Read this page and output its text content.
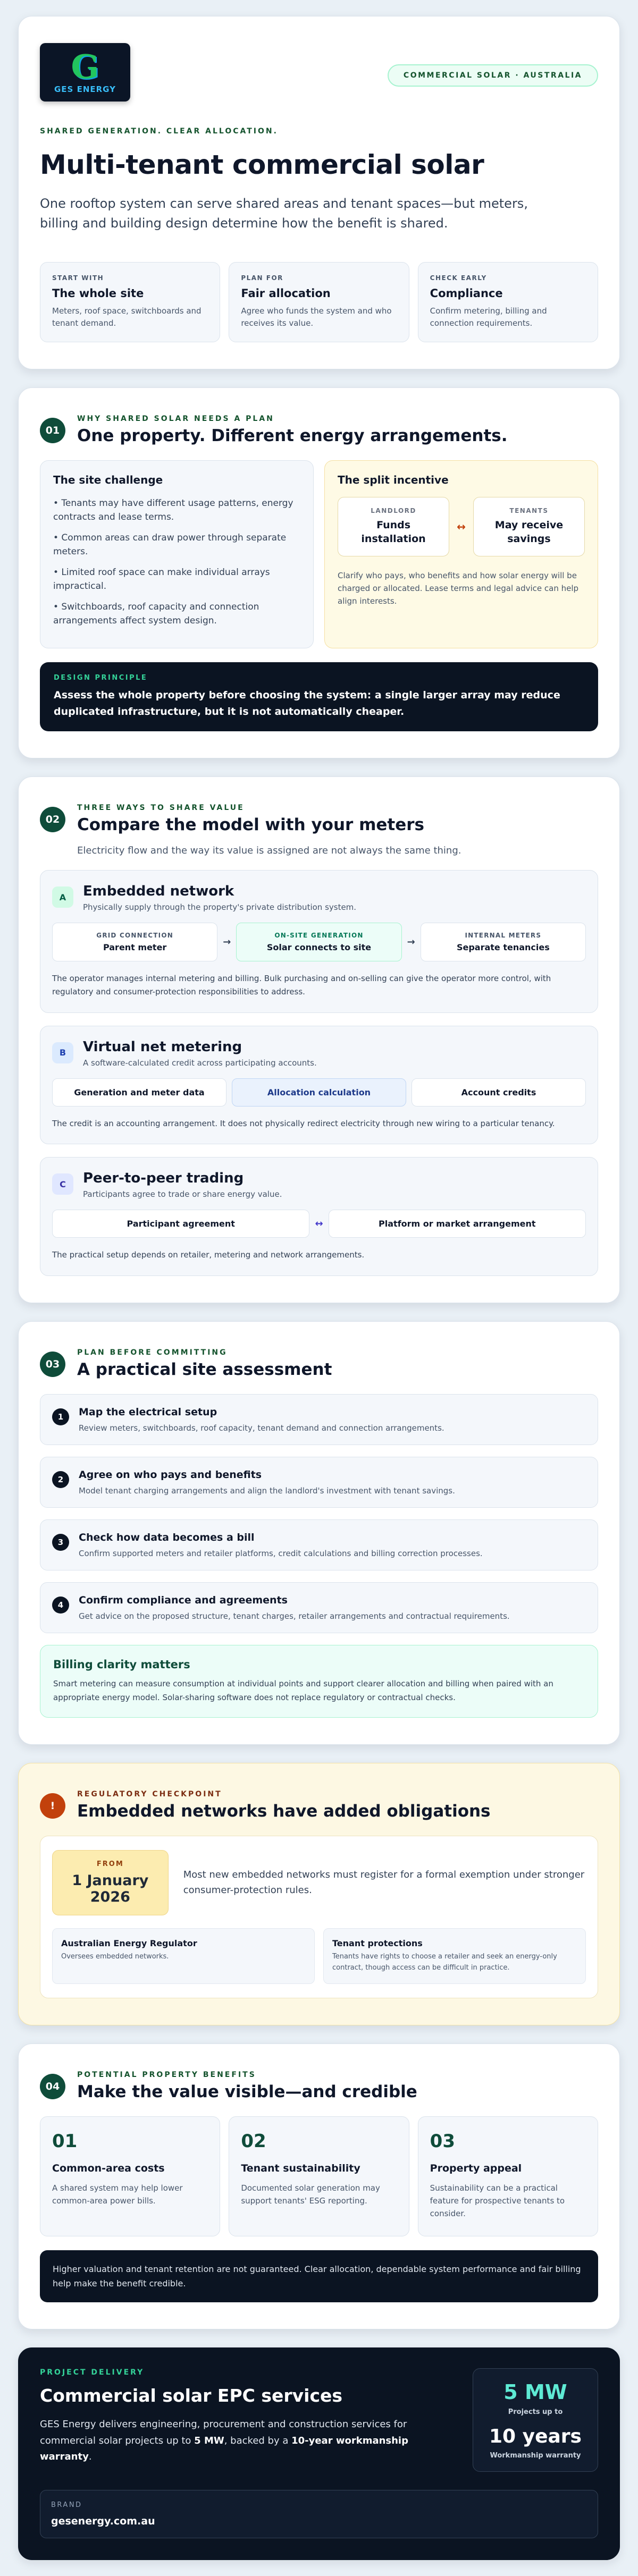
G
GES ENERGY
COMMERCIAL SOLAR · AUSTRALIA
SHARED GENERATION. CLEAR ALLOCATION.
Multi-tenant commercial solar

One rooftop system can serve shared areas and tenant spaces—but meters, billing and building design determine how the benefit is shared.

START WITH
The whole site
Meters, roof space, switchboards and tenant demand.
PLAN FOR
Fair allocation
Agree who funds the system and who receives its value.
CHECK EARLY
Compliance
Confirm metering, billing and connection requirements.
01
WHY SHARED SOLAR NEEDS A PLAN
One property. Different energy arrangements.
The site challenge
• Tenants may have different usage patterns, energy contracts and lease terms.
• Common areas can draw power through separate meters.
• Limited roof space can make individual arrays impractical.
• Switchboards, roof capacity and connection arrangements affect system design.
The split incentive
LANDLORD
Funds installation
↔
TENANTS
May receive savings
Clarify who pays, who benefits and how solar energy will be charged or allocated. Lease terms and legal advice can help align interests.
DESIGN PRINCIPLE
Assess the whole property before choosing the system: a single larger array may reduce duplicated infrastructure, but it is not automatically cheaper.
02
THREE WAYS TO SHARE VALUE
Compare the model with your meters
Electricity flow and the way its value is assigned are not always the same thing.
A	Embedded network
Physically supply through the property's private distribution system.
GRID CONNECTION
Parent meter	→
ON-SITE GENERATION
Solar connects to site	→
INTERNAL METERS
Separate tenancies
The operator manages internal metering and billing. Bulk purchasing and on-selling can give the operator more control, with regulatory and consumer-protection responsibilities to address.
B	Virtual net metering
A software-calculated credit across participating accounts.
Generation and meter data	Allocation calculation	Account credits
The credit is an accounting arrangement. It does not physically redirect electricity through new wiring to a particular tenancy.
C	Peer-to-peer trading
Participants agree to trade or share energy value.
Participant agreement	↔	Platform or market arrangement
The practical setup depends on retailer, metering and network arrangements.
03
PLAN BEFORE COMMITTING
A practical site assessment
1	Map the electrical setup
Review meters, switchboards, roof capacity, tenant demand and connection arrangements.
2	Agree on who pays and benefits
Model tenant charging arrangements and align the landlord's investment with tenant savings.
3	Check how data becomes a bill
Confirm supported meters and retailer platforms, credit calculations and billing correction processes.
4	Confirm compliance and agreements
Get advice on the proposed structure, tenant charges, retailer arrangements and contractual requirements.
Billing clarity matters
Smart metering can measure consumption at individual points and support clearer allocation and billing when paired with an appropriate energy model. Solar-sharing software does not replace regulatory or contractual checks.
!
REGULATORY CHECKPOINT
Embedded networks have added obligations
FROM
1 January 2026
Most new embedded networks must register for a formal exemption under stronger consumer-protection rules.
Australian Energy Regulator
Oversees embedded networks.
Tenant protections
Tenants have rights to choose a retailer and seek an energy-only contract, though access can be difficult in practice.
04
POTENTIAL PROPERTY BENEFITS
Make the value visible—and credible
01
Common-area costs
A shared system may help lower common-area power bills.
02
Tenant sustainability
Documented solar generation may support tenants' ESG reporting.
03
Property appeal
Sustainability can be a practical feature for prospective tenants to consider.
Higher valuation and tenant retention are not guaranteed. Clear allocation, dependable system performance and fair billing help make the benefit credible.
PROJECT DELIVERY
Commercial solar EPC services

GES Energy delivers engineering, procurement and construction services for commercial solar projects up to 5 MW, backed by a 10-year workmanship warranty.

5 MW
Projects up to
10 years
Workmanship warranty
BRAND
gesenergy.com.au
